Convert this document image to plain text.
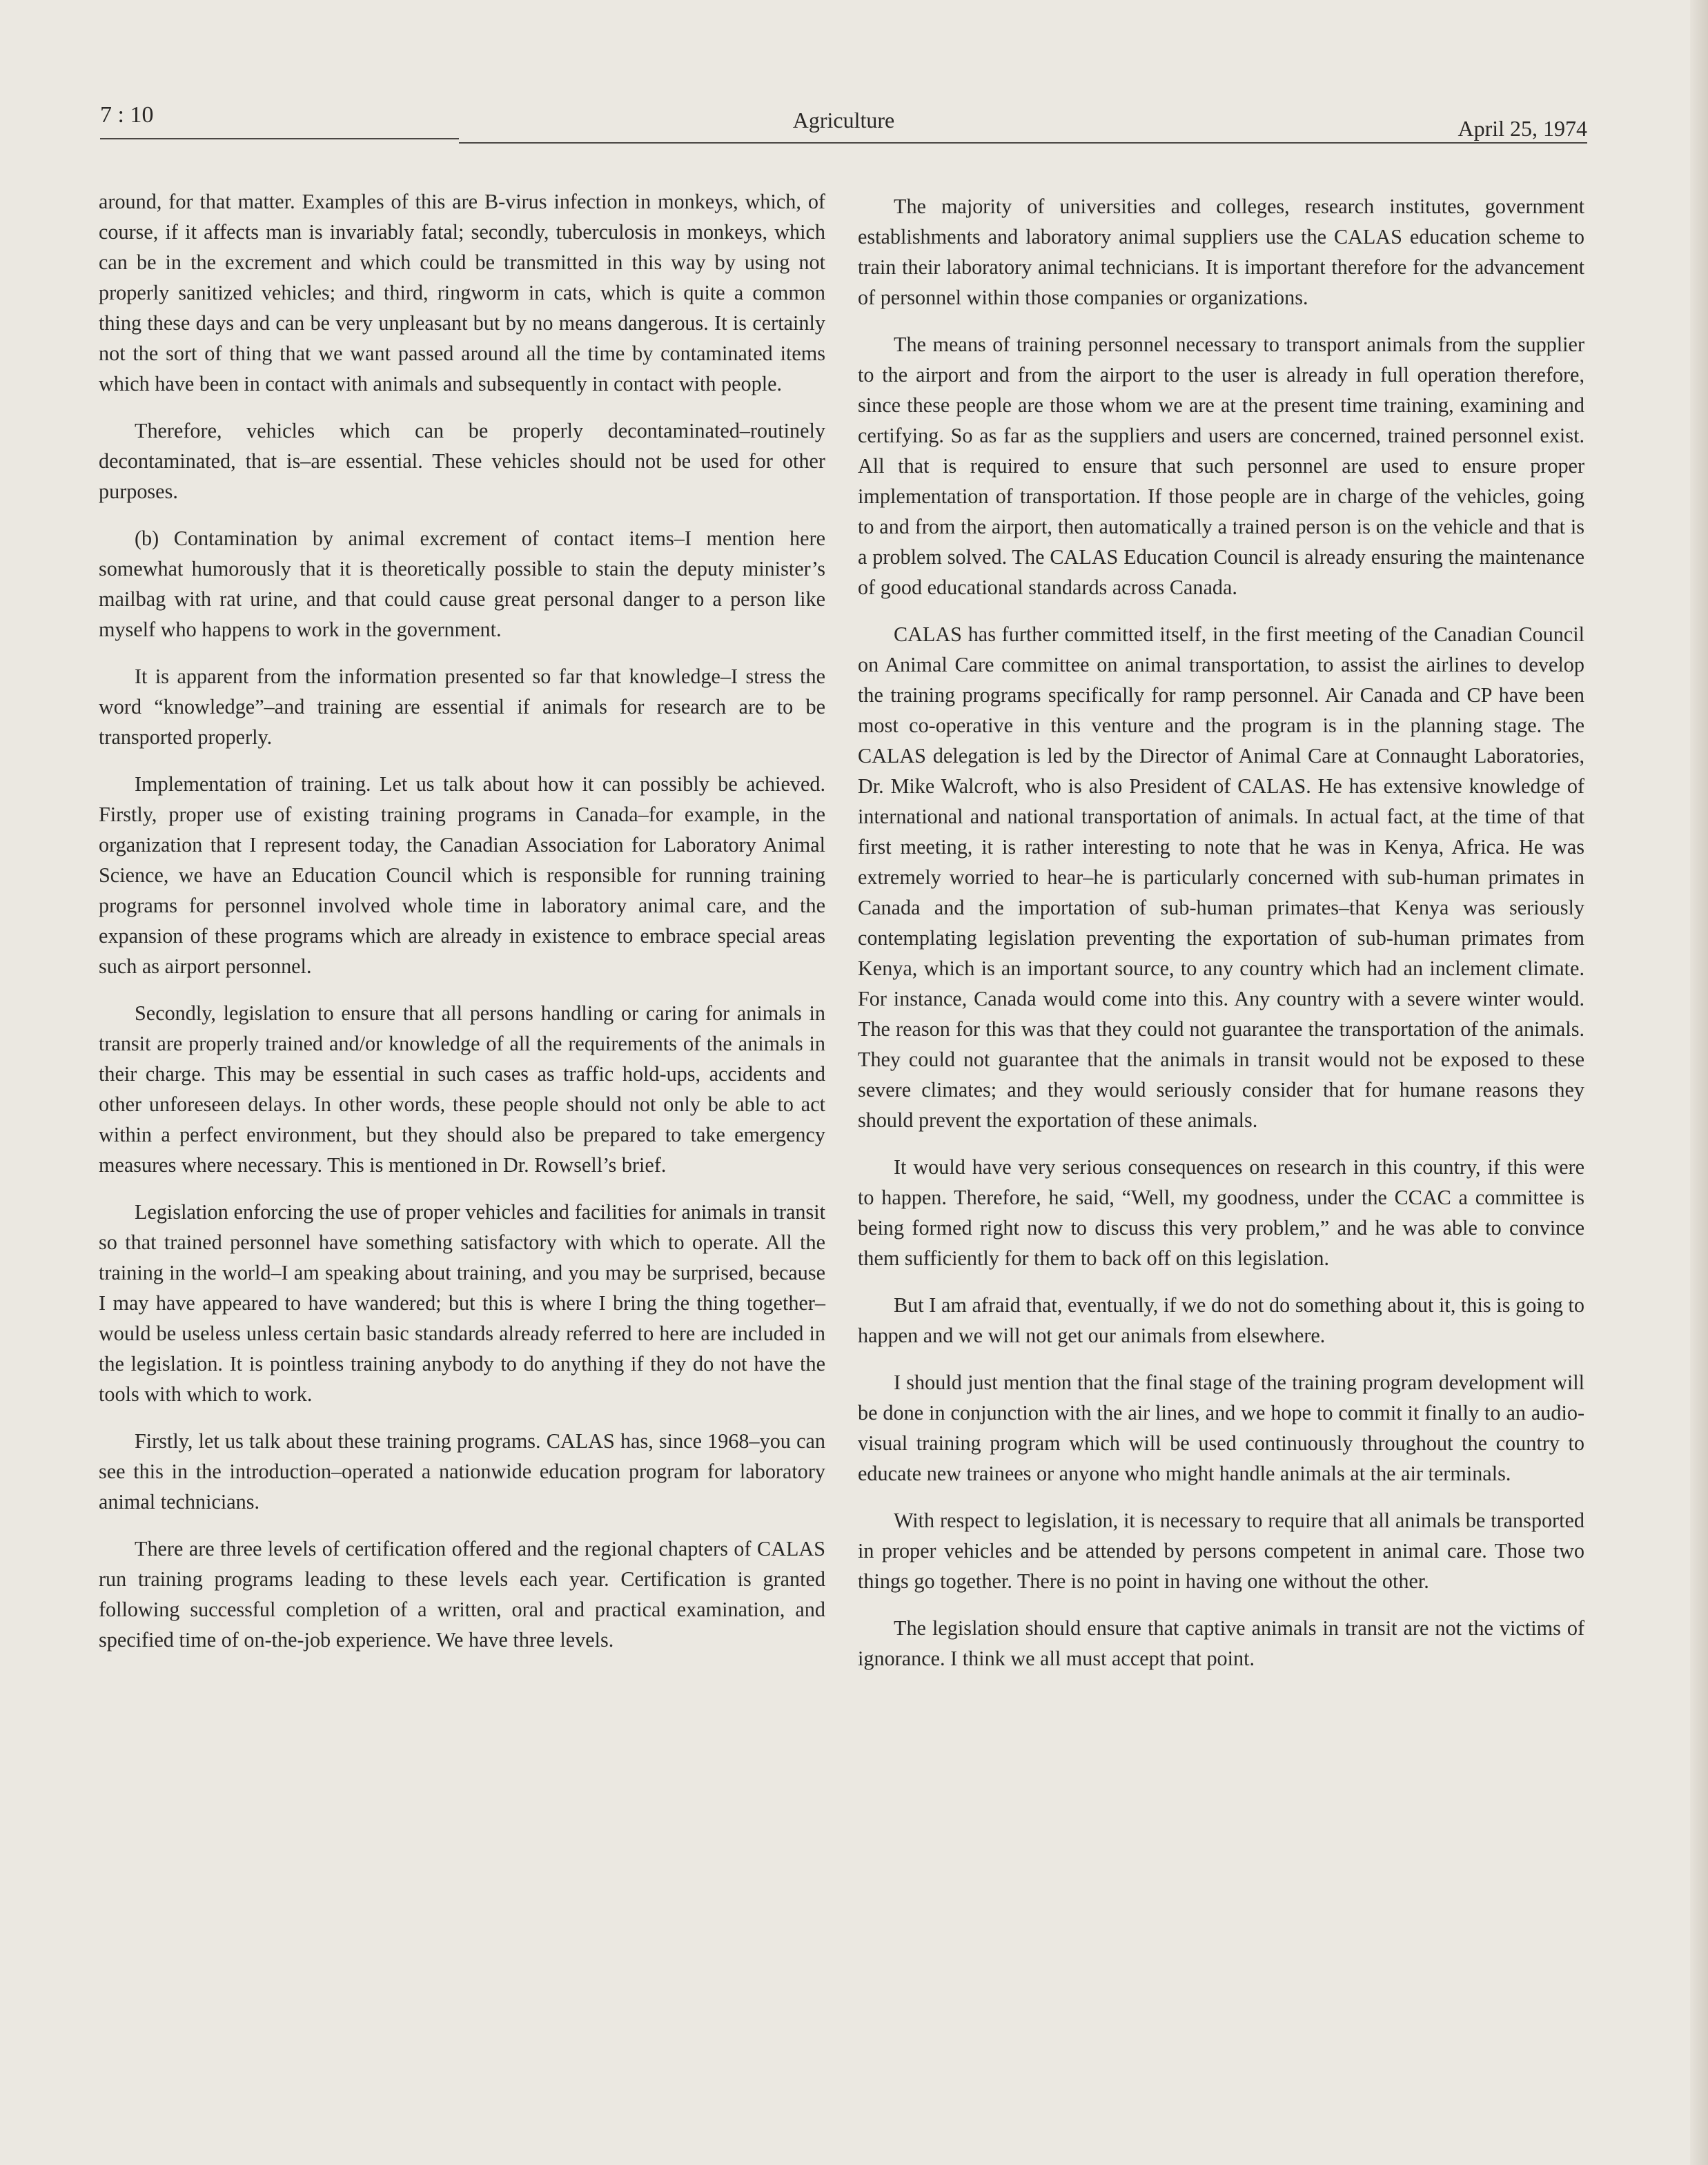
7 : 10	Agriculture	April 25, 1974

around, for that matter. Examples of this are B-virus infection in monkeys, which, of course, if it affects man is invariably fatal; secondly, tuberculosis in monkeys, which can be in the excrement and which could be transmitted in this way by using not properly sanitized vehicles; and third, ringworm in cats, which is quite a common thing these days and can be very unpleasant but by no means dangerous. It is certainly not the sort of thing that we want passed around all the time by contaminated items which have been in contact with animals and subsequently in contact with people.

Therefore, vehicles which can be properly decontaminated–routinely decontaminated, that is–are essential. These vehicles should not be used for other purposes.

(b) Contamination by animal excrement of contact items–I mention here somewhat humorously that it is theoretically possible to stain the deputy minister’s mailbag with rat urine, and that could cause great personal danger to a person like myself who happens to work in the government.

It is apparent from the information presented so far that knowledge–I stress the word “knowledge”–and training are essential if animals for research are to be transported properly.

Implementation of training. Let us talk about how it can possibly be achieved. Firstly, proper use of existing training programs in Canada–for example, in the organization that I represent today, the Canadian Association for Laboratory Animal Science, we have an Education Council which is responsible for running training programs for personnel involved whole time in laboratory animal care, and the expansion of these programs which are already in existence to embrace special areas such as airport personnel.

Secondly, legislation to ensure that all persons handling or caring for animals in transit are properly trained and/or knowledge of all the requirements of the animals in their charge. This may be essential in such cases as traffic hold-ups, accidents and other unforeseen delays. In other words, these people should not only be able to act within a perfect environment, but they should also be prepared to take emergency measures where necessary. This is mentioned in Dr. Rowsell’s brief.

Legislation enforcing the use of proper vehicles and facilities for animals in transit so that trained personnel have something satisfactory with which to operate. All the training in the world–I am speaking about training, and you may be surprised, because I may have appeared to have wandered; but this is where I bring the thing together–would be useless unless certain basic standards already referred to here are included in the legislation. It is pointless training anybody to do anything if they do not have the tools with which to work.

Firstly, let us talk about these training programs. CALAS has, since 1968–you can see this in the introduction–operated a nationwide education program for laboratory animal technicians.

There are three levels of certification offered and the regional chapters of CALAS run training programs leading to these levels each year. Certification is granted following successful completion of a written, oral and practical examination, and specified time of on-the-job experience. We have three levels.

The majority of universities and colleges, research institutes, government establishments and laboratory animal suppliers use the CALAS education scheme to train their laboratory animal technicians. It is important therefore for the advancement of personnel within those companies or organizations.

The means of training personnel necessary to transport animals from the supplier to the airport and from the airport to the user is already in full operation therefore, since these people are those whom we are at the present time training, examining and certifying. So as far as the suppliers and users are concerned, trained personnel exist. All that is required to ensure that such personnel are used to ensure proper implementation of transportation. If those people are in charge of the vehicles, going to and from the airport, then automatically a trained person is on the vehicle and that is a problem solved. The CALAS Education Council is already ensuring the maintenance of good educational standards across Canada.

CALAS has further committed itself, in the first meeting of the Canadian Council on Animal Care committee on animal transportation, to assist the airlines to develop the training programs specifically for ramp personnel. Air Canada and CP have been most co-operative in this venture and the program is in the planning stage. The CALAS delegation is led by the Director of Animal Care at Connaught Laboratories, Dr. Mike Walcroft, who is also President of CALAS. He has extensive knowledge of international and national transportation of animals. In actual fact, at the time of that first meeting, it is rather interesting to note that he was in Kenya, Africa. He was extremely worried to hear–he is particularly concerned with sub-human primates in Canada and the importation of sub-human primates–that Kenya was seriously contemplating legislation preventing the exportation of sub-human primates from Kenya, which is an important source, to any country which had an inclement climate. For instance, Canada would come into this. Any country with a severe winter would. The reason for this was that they could not guarantee the transportation of the animals. They could not guarantee that the animals in transit would not be exposed to these severe climates; and they would seriously consider that for humane reasons they should prevent the exportation of these animals.

It would have very serious consequences on research in this country, if this were to happen. Therefore, he said, “Well, my goodness, under the CCAC a committee is being formed right now to discuss this very problem,” and he was able to convince them sufficiently for them to back off on this legislation.

But I am afraid that, eventually, if we do not do something about it, this is going to happen and we will not get our animals from elsewhere.

I should just mention that the final stage of the training program development will be done in conjunction with the air lines, and we hope to commit it finally to an audio-visual training program which will be used continuously throughout the country to educate new trainees or anyone who might handle animals at the air terminals.

With respect to legislation, it is necessary to require that all animals be transported in proper vehicles and be attended by persons competent in animal care. Those two things go together. There is no point in having one without the other.

The legislation should ensure that captive animals in transit are not the victims of ignorance. I think we all must accept that point.
